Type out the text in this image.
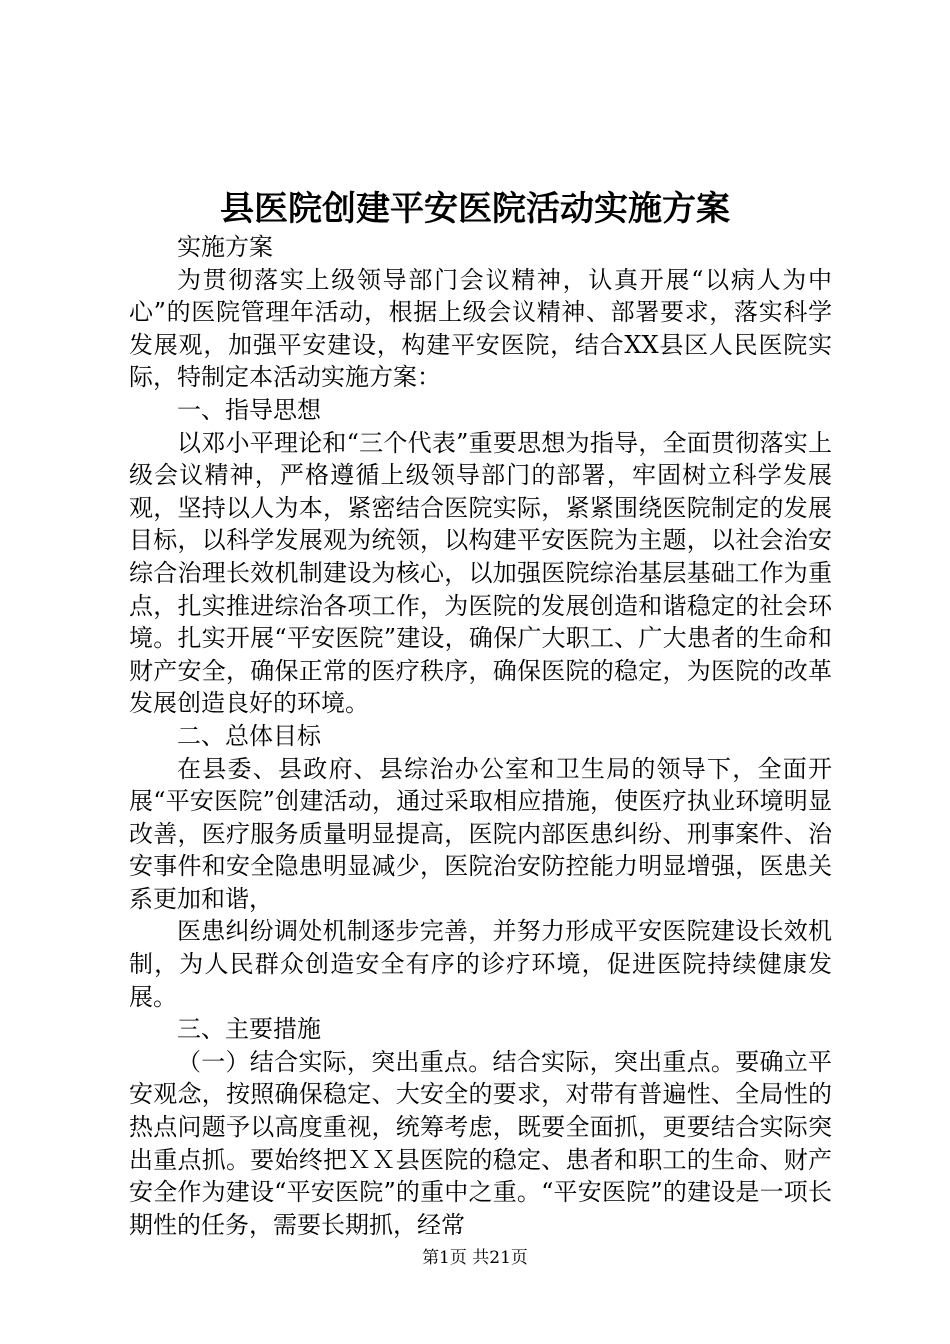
县医院创建平安医院活动实施方案

实施方案

为贯彻落实上级领导部门会议精神，认真开展“以病人为中心”的医院管理年活动，根据上级会议精神、部署要求，落实科学发展观，加强平安建设，构建平安医院，结合XX县区人民医院实际，特制定本活动实施方案：

一、指导思想

以邓小平理论和“三个代表”重要思想为指导，全面贯彻落实上级会议精神，严格遵循上级领导部门的部署，牢固树立科学发展观，坚持以人为本，紧密结合医院实际，紧紧围绕医院制定的发展目标，以科学发展观为统领，以构建平安医院为主题，以社会治安综合治理长效机制建设为核心，以加强医院综治基层基础工作为重点，扎实推进综治各项工作，为医院的发展创造和谐稳定的社会环境。扎实开展“平安医院”建设，确保广大职工、广大患者的生命和财产安全，确保正常的医疗秩序，确保医院的稳定，为医院的改革发展创造良好的环境。

二、总体目标

在县委、县政府、县综治办公室和卫生局的领导下，全面开展“平安医院”创建活动，通过采取相应措施，使医疗执业环境明显改善，医疗服务质量明显提高，医院内部医患纠纷、刑事案件、治安事件和安全隐患明显减少，医院治安防控能力明显增强，医患关系更加和谐，

医患纠纷调处机制逐步完善，并努力形成平安医院建设长效机制，为人民群众创造安全有序的诊疗环境，促进医院持续健康发展。

三、主要措施

（一）结合实际，突出重点。结合实际，突出重点。要确立平安观念，按照确保稳定、大安全的要求，对带有普遍性、全局性的热点问题予以高度重视，统筹考虑，既要全面抓，更要结合实际突出重点抓。要始终把ＸＸ县医院的稳定、患者和职工的生命、财产安全作为建设“平安医院”的重中之重。“平安医院”的建设是一项长期性的任务，需要长期抓，经常

第1页 共21页
